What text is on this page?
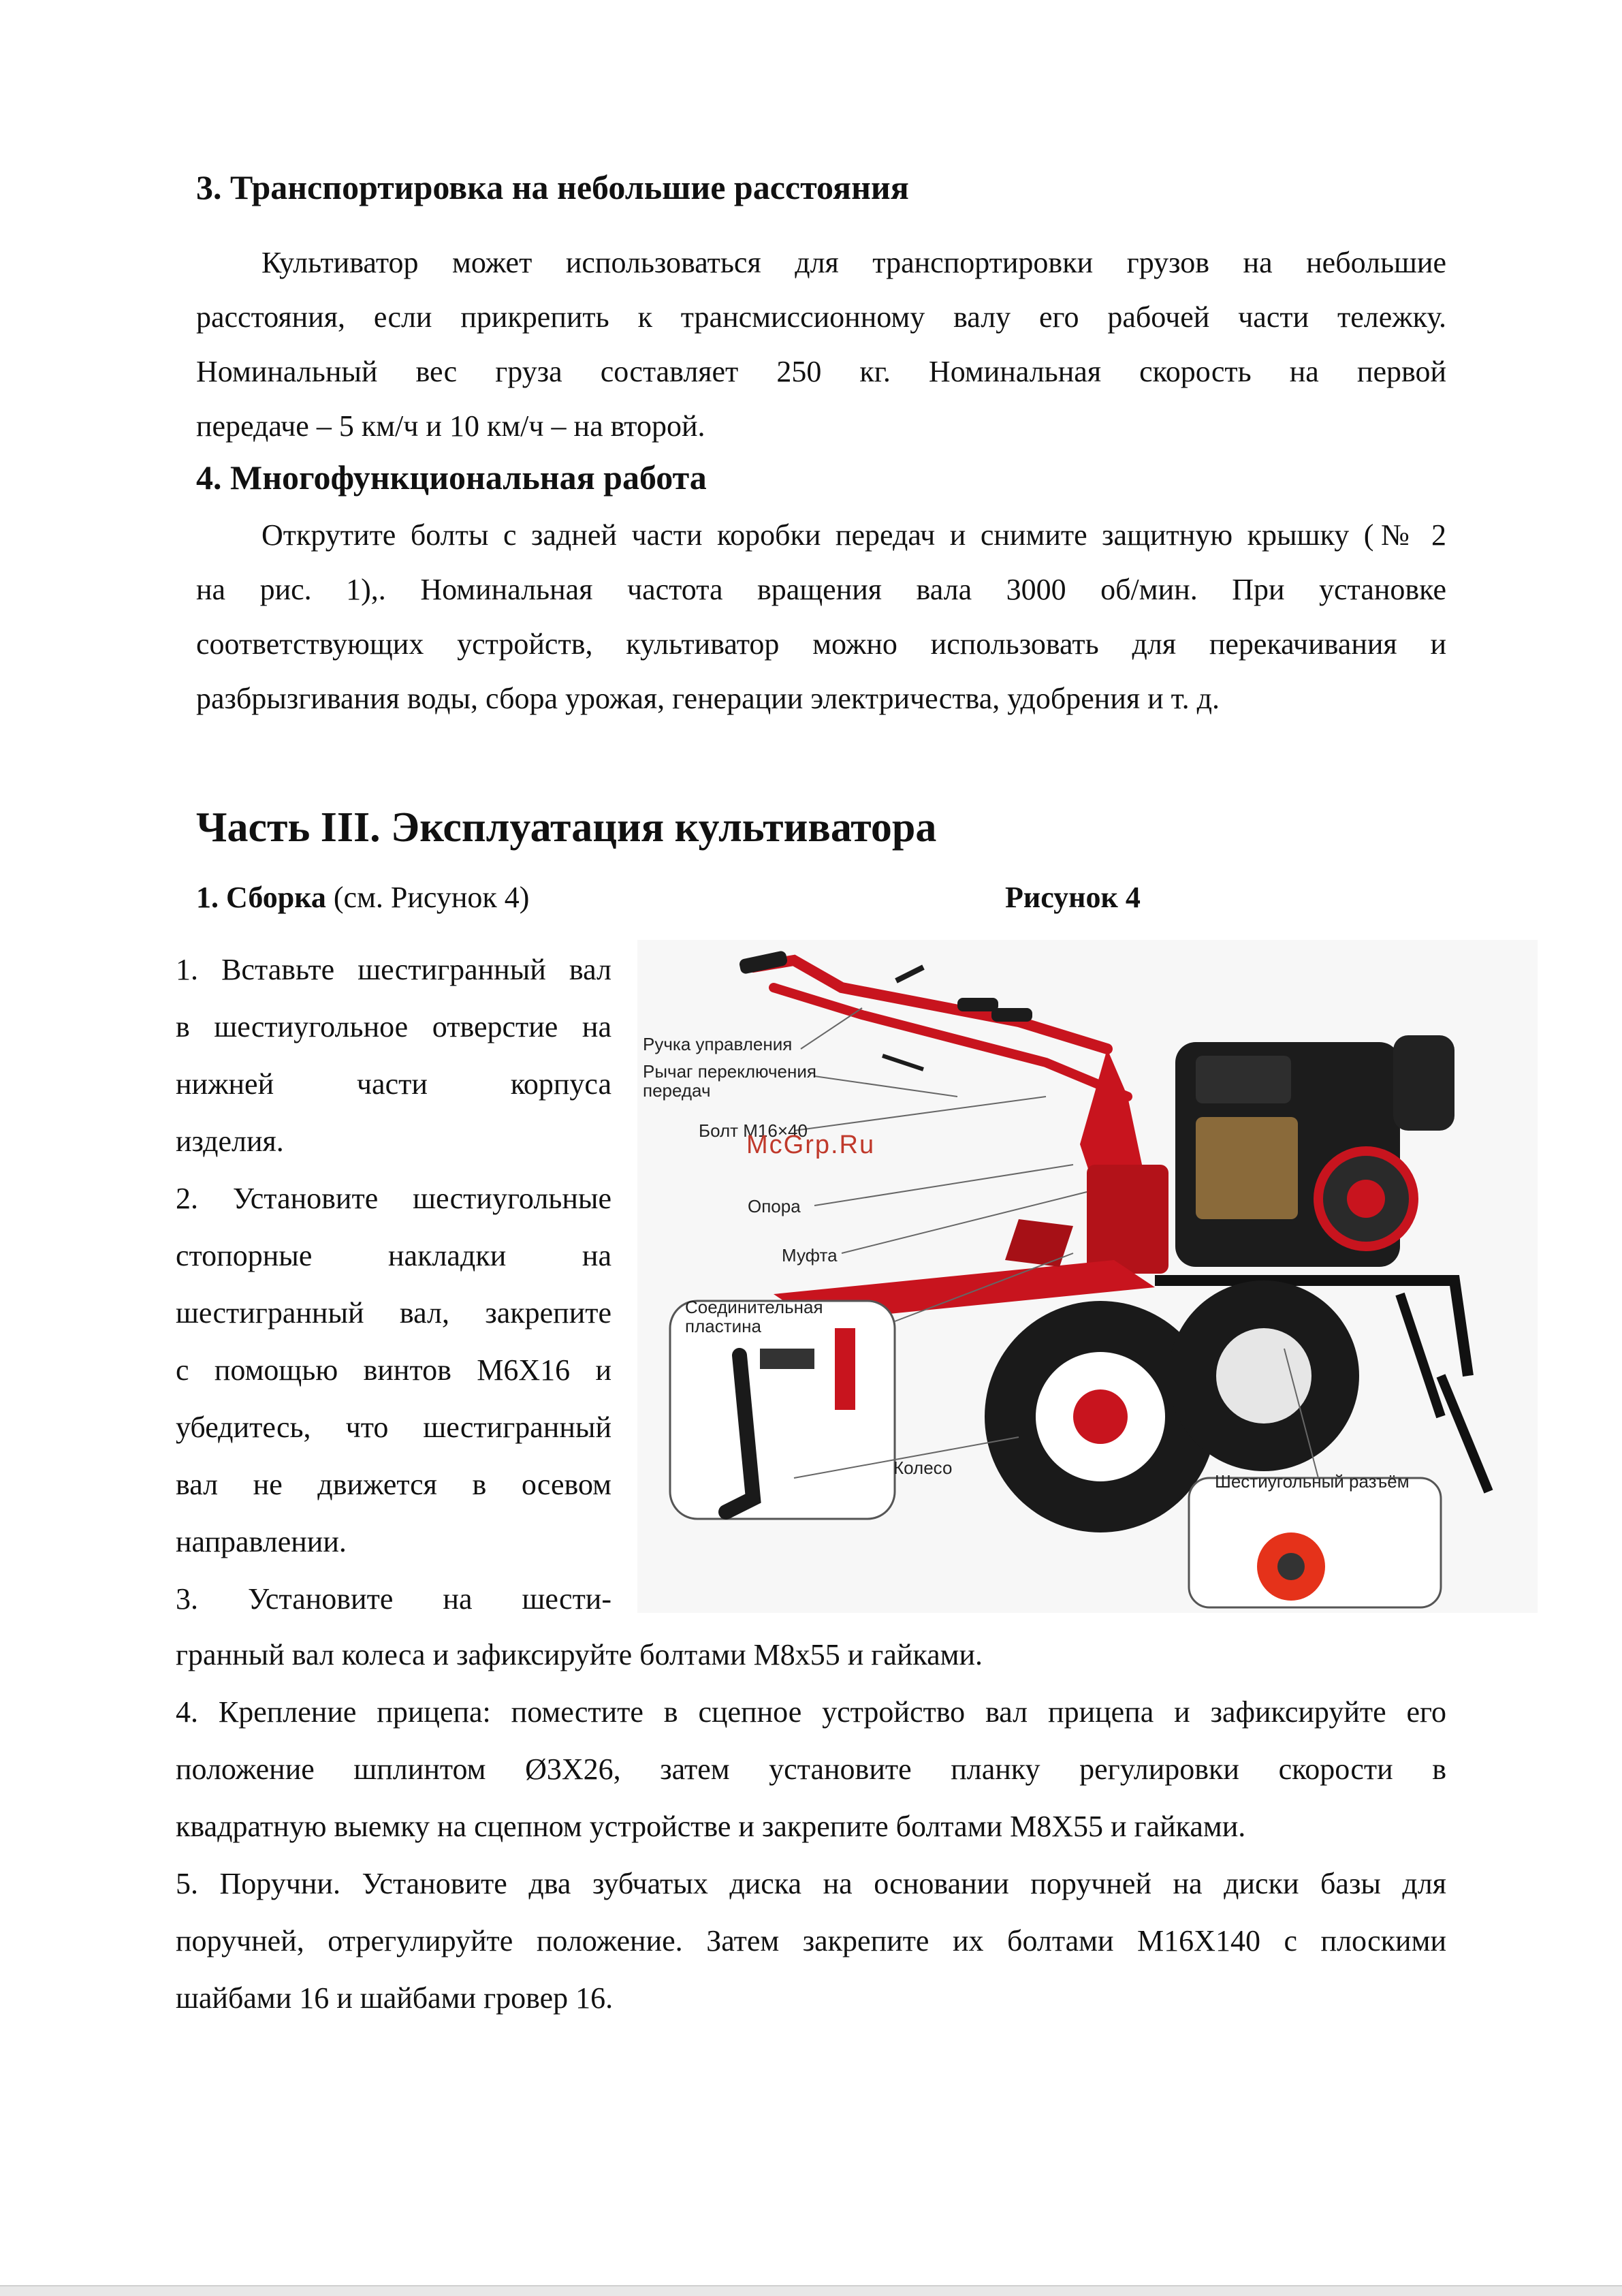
3. Транспортировка на небольшие расстояния
Культиватор может использоваться для транспортировки грузов на небольшие
расстояния, если прикрепить к трансмиссионному валу его рабочей части тележку.
Номинальный вес груза составляет 250 кг. Номинальная скорость на первой
передаче – 5 км/ч и 10 км/ч – на второй.
4. Многофункциональная работа
Открутите болты с задней части коробки передач и снимите защитную крышку (№ 2
на рис. 1),. Номинальная частота вращения вала 3000 об/мин. При установке
соответствующих устройств, культиватор можно использовать для перекачивания и
разбрызгивания воды, сбора урожая, генерации электричества, удобрения и т. д.
Часть III. Эксплуатация культиватора
1. Сборка (см. Рисунок 4)	Рисунок 4
1. Вставьте шестигранный вал
в шестиугольное отверстие на
нижней части корпуса
изделия.
2. Установите шестиугольные
стопорные накладки на
шестигранный вал, закрепите
с помощью винтов М6Х16 и
убедитесь, что шестигранный
вал не движется в осевом
направлении.
3. Установите на шести-
гранный вал колеса и зафиксируйте болтами М8х55 и гайками.
4. Крепление прицепа: поместите в сцепное устройство вал прицепа и зафиксируйте его
положение шплинтом Ø3Х26, затем установите планку регулировки скорости в
квадратную выемку на сцепном устройстве и закрепите болтами М8Х55 и гайками.
5. Поручни. Установите два зубчатых диска на основании поручней на диски базы для
поручней, отрегулируйте положение. Затем закрепите их болтами М16Х140 с плоскими
шайбами 16 и шайбами гровер 16.
Ручка управления
Рычаг переключения
передач
Болт М16×40
McGrp.Ru
Опора
Муфта
Соединительная
пластина
Колесо
Шестиугольный разъём
